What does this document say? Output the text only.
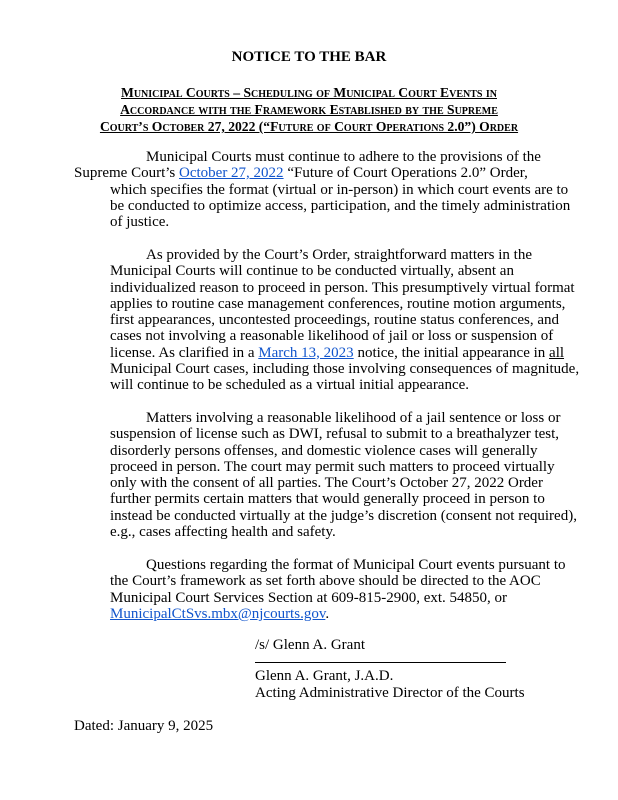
NOTICE TO THE BAR
Municipal Courts – Scheduling of Municipal Court Events in
Accordance with the Framework Established by the Supreme
Court’s October 27, 2022 (“Future of Court Operations 2.0”) Order

Municipal Courts must continue to adhere to the provisions of the
Supreme Court’s October 27, 2022 “Future of Court Operations 2.0” Order,
which specifies the format (virtual or in-person) in which court events are to
be conducted to optimize access, participation, and the timely administration
of justice.

As provided by the Court’s Order, straightforward matters in the
Municipal Courts will continue to be conducted virtually, absent an
individualized reason to proceed in person. This presumptively virtual format
applies to routine case management conferences, routine motion arguments,
first appearances, uncontested proceedings, routine status conferences, and
cases not involving a reasonable likelihood of jail or loss or suspension of
license. As clarified in a March 13, 2023 notice, the initial appearance in all
Municipal Court cases, including those involving consequences of magnitude,
will continue to be scheduled as a virtual initial appearance.

Matters involving a reasonable likelihood of a jail sentence or loss or
suspension of license such as DWI, refusal to submit to a breathalyzer test,
disorderly persons offenses, and domestic violence cases will generally
proceed in person. The court may permit such matters to proceed virtually
only with the consent of all parties. The Court’s October 27, 2022 Order
further permits certain matters that would generally proceed in person to
instead be conducted virtually at the judge’s discretion (consent not required),
e.g., cases affecting health and safety.

Questions regarding the format of Municipal Court events pursuant to
the Court’s framework as set forth above should be directed to the AOC
Municipal Court Services Section at 609-815-2900, ext. 54850, or
MunicipalCtSvs.mbx@njcourts.gov.

/s/ Glenn A. Grant
Glenn A. Grant, J.A.D.
Acting Administrative Director of the Courts
Dated: January 9, 2025
